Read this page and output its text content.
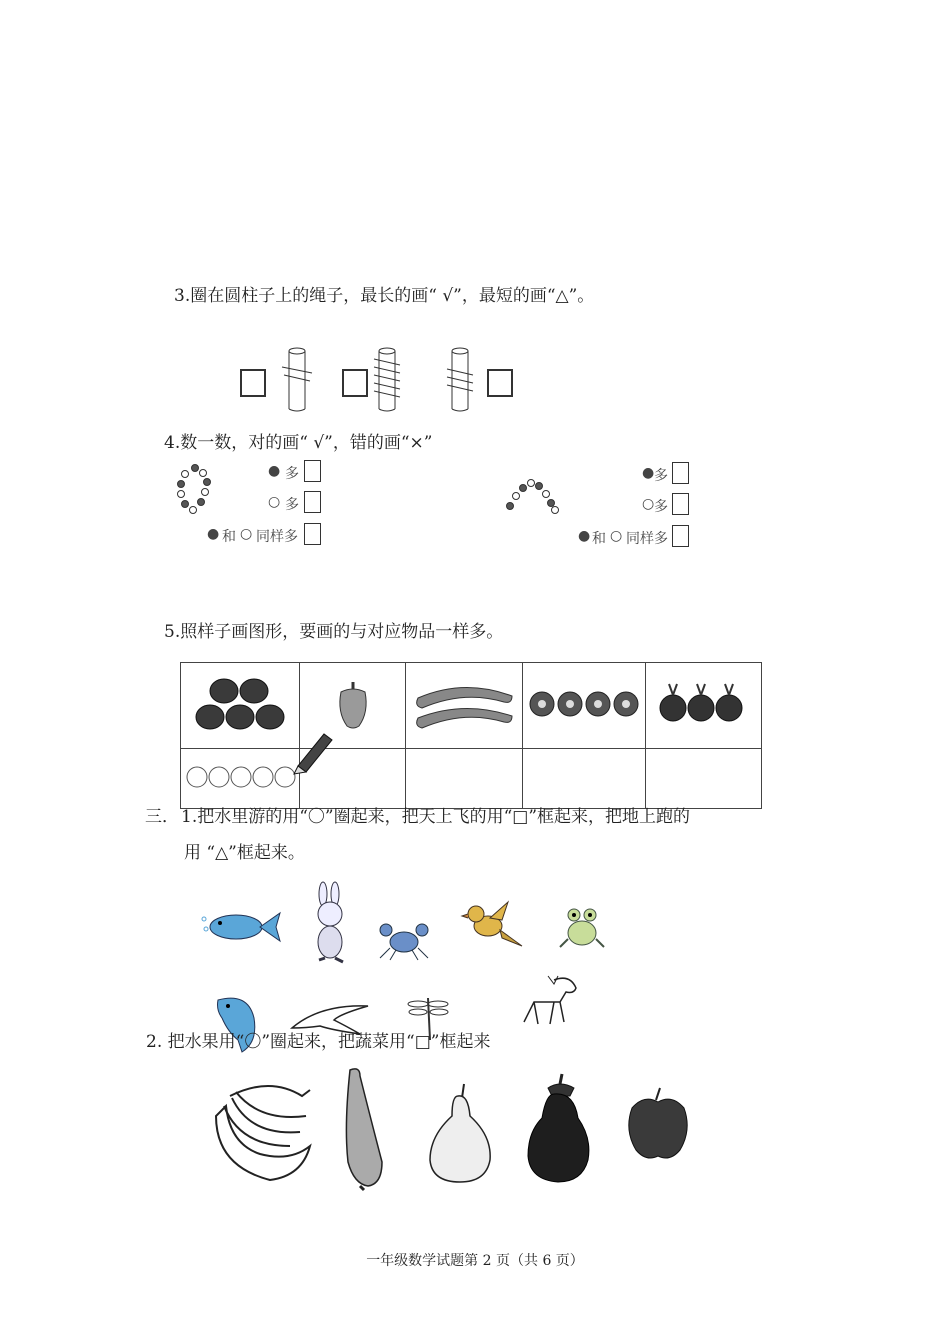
3.圈在圆柱子上的绳子，最长的画“ √”，最短的画“△”。
4.数一数，对的画“ √”，错的画“×”
● 多
○ 多
● 和 ○ 同样多
● 多
○ 多
● 和 ○ 同样多
5.照样子画图形，要画的与对应物品一样多。

三． 1.把水里游的用“〇”圈起来，把天上飞的用“□”框起来，把地上跑的
用 “△”框起来。
2. 把水果用“〇”圈起来，把蔬菜用“□”框起来
一年级数学试题第 2 页（共 6 页）
